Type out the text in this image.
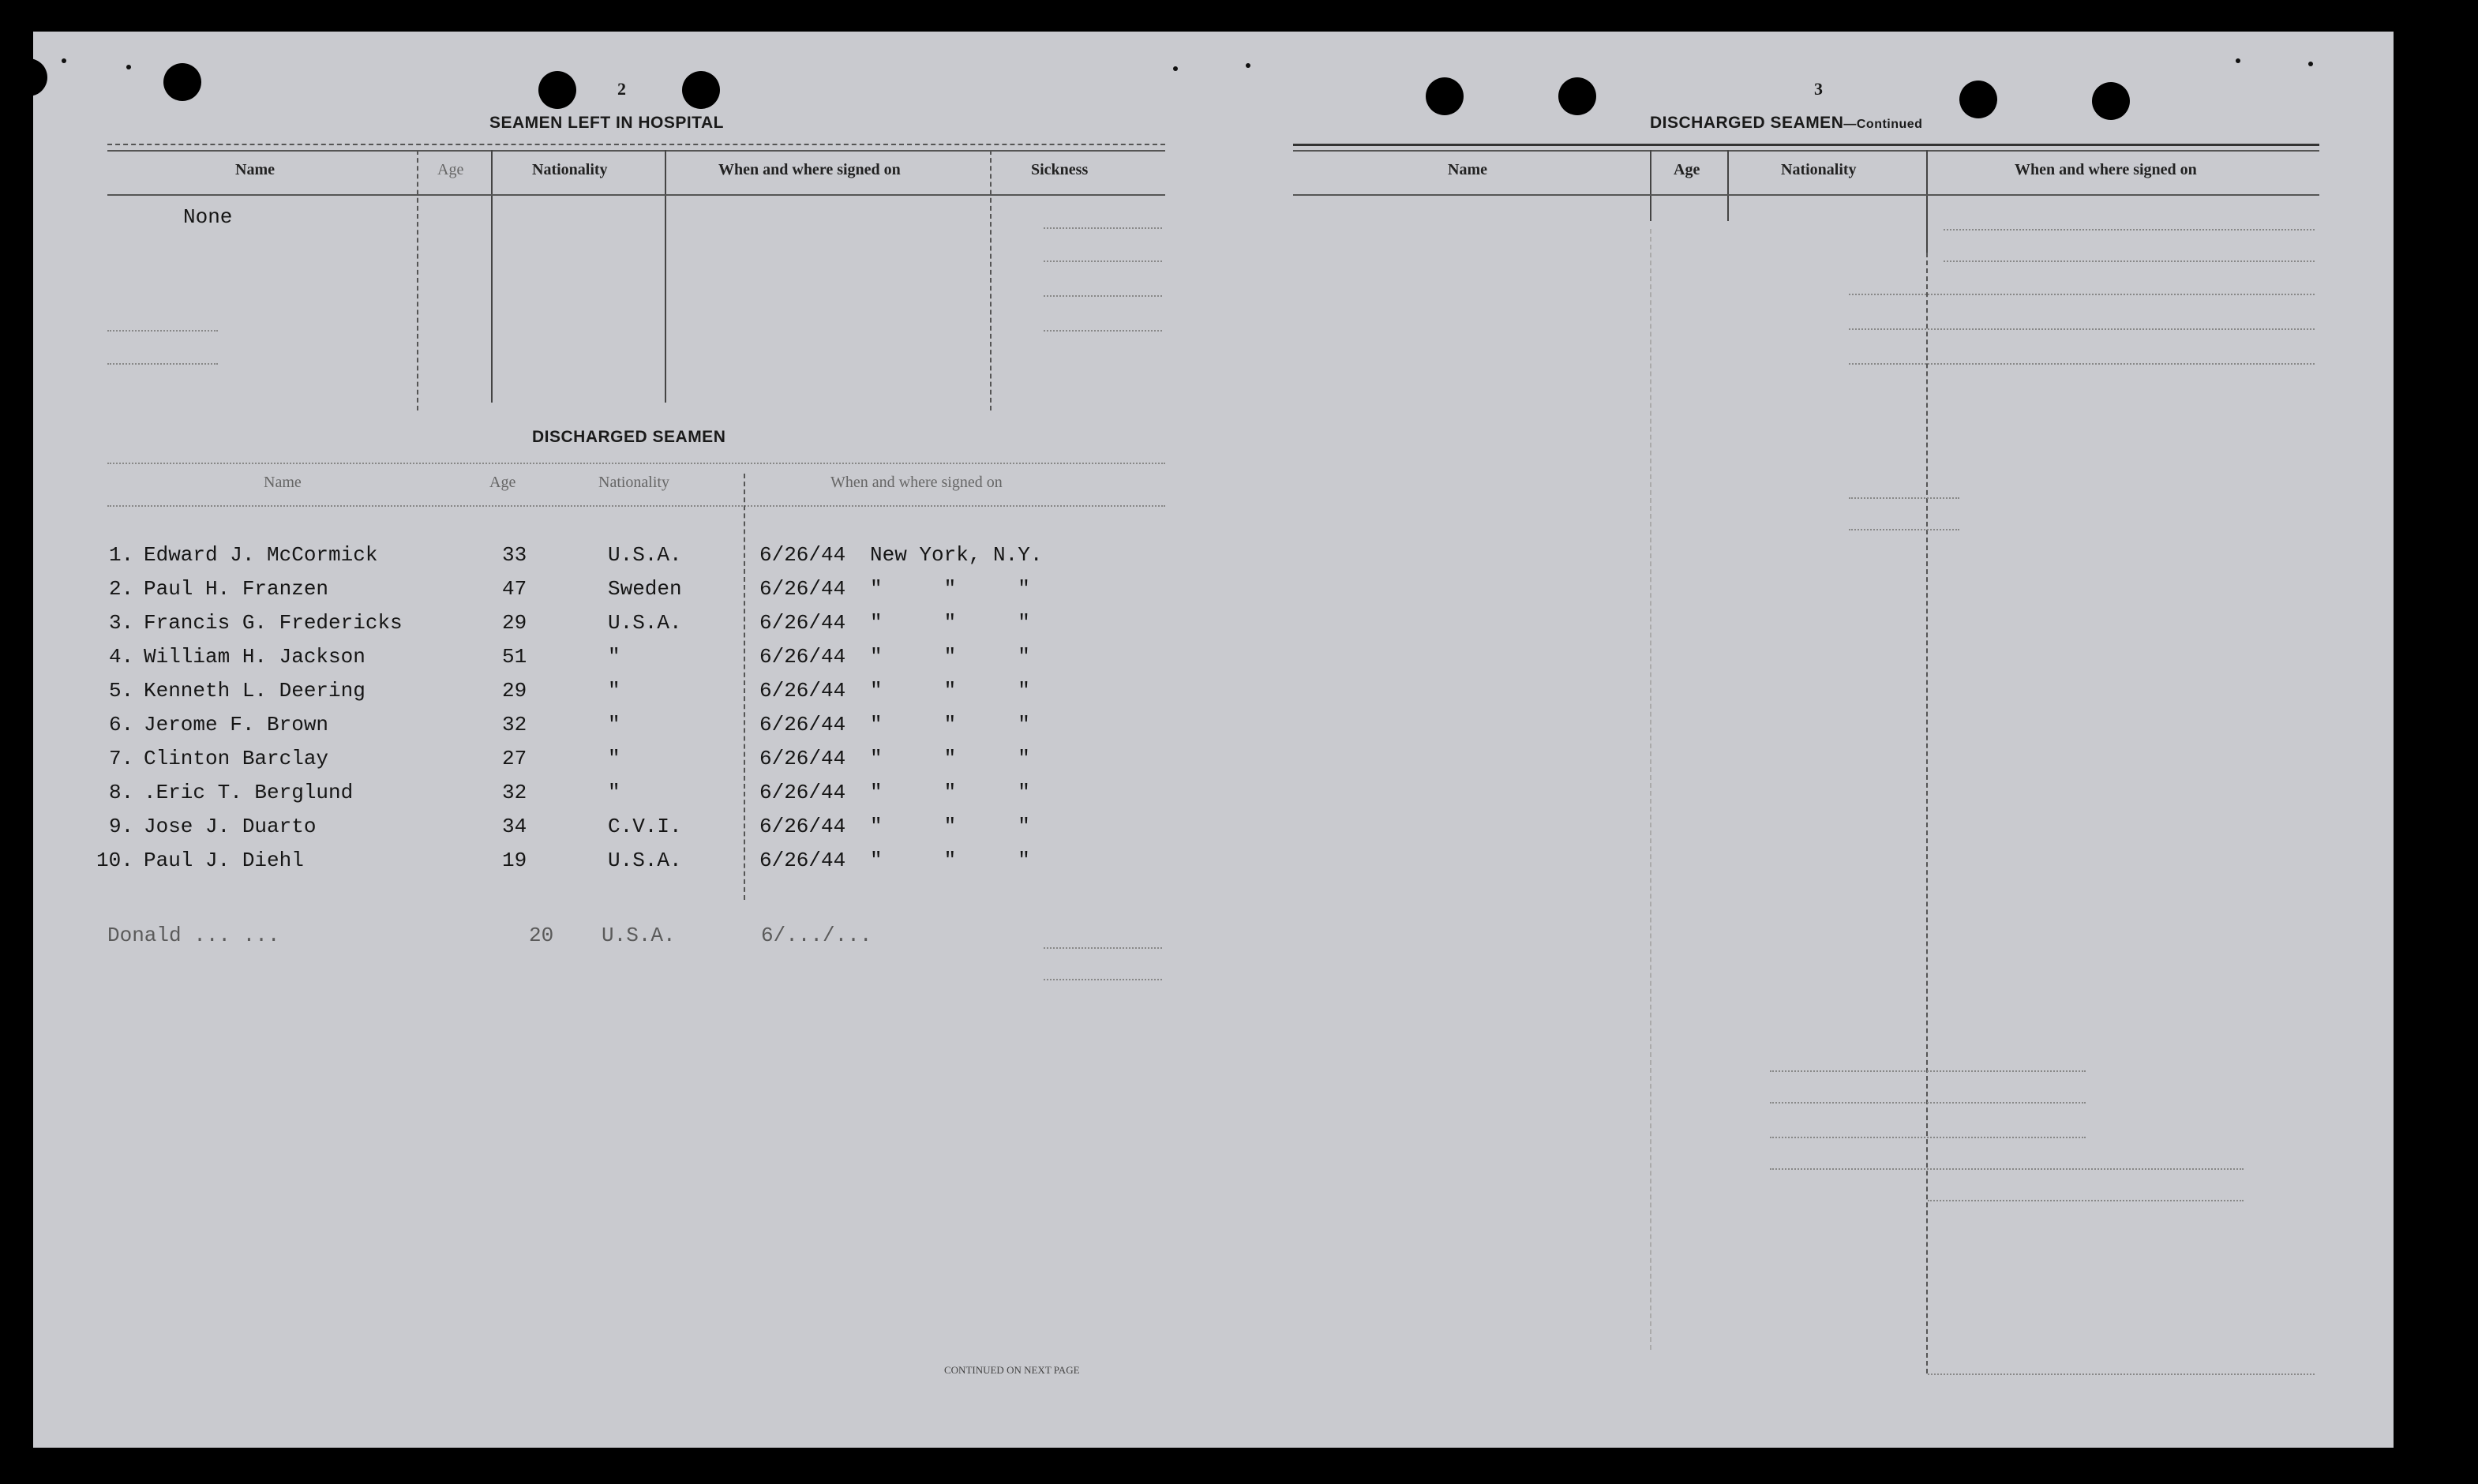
2
SEAMEN LEFT IN HOSPITAL
Name	Age	Nationality	When and where signed on	Sickness
None
DISCHARGED SEAMEN
Name	Age	Nationality	When and where signed on
1. Edward J. McCormick	33	U.S.A.	6/26/44 New York, N.Y.
2. Paul H. Franzen	47	Sweden	6/26/44 "     "     "
3. Francis G. Fredericks	29	U.S.A.	6/26/44 "     "     "
4. William H. Jackson	51	"	6/26/44 "     "     "
5. Kenneth L. Deering	29	"	6/26/44 "     "     "
6. Jerome F. Brown	32	"	6/26/44 "     "     "
7. Clinton Barclay	27	"	6/26/44 "     "     "
8. .Eric T. Berglund	32	"	6/26/44 "     "     "
9. Jose J. Duarto	34	C.V.I.	6/26/44 "     "     "
10. Paul J. Diehl	19	U.S.A.	6/26/44 "     "     "
Donald ... ...	20 U.S.A.	6/.../...
CONTINUED ON NEXT PAGE
3
DISCHARGED SEAMEN—Continued
Name	Age	Nationality	When and where signed on
